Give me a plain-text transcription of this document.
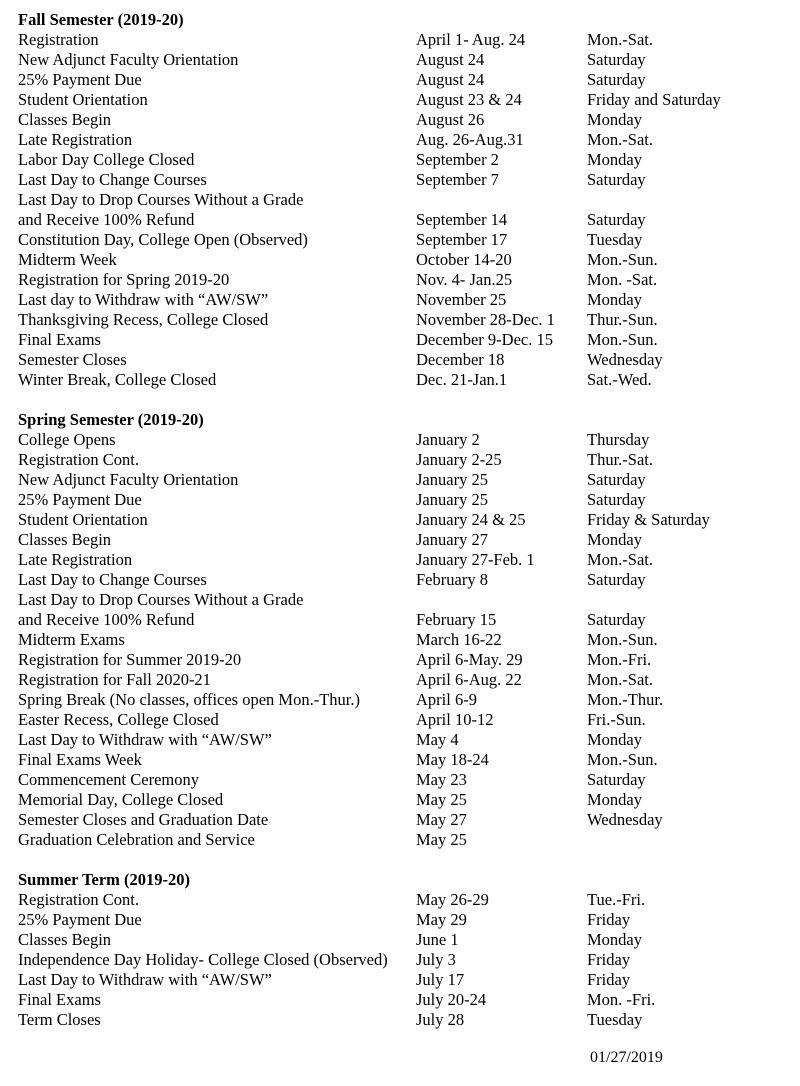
Fall Semester (2019-20)
Registration	April 1- Aug. 24	Mon.-Sat.
New Adjunct Faculty Orientation	August 24	Saturday
25% Payment Due	August 24	Saturday
Student Orientation	August 23 & 24	Friday and Saturday
Classes Begin	August 26	Monday
Late Registration	Aug. 26-Aug.31	Mon.-Sat.
Labor Day College Closed	September 2	Monday
Last Day to Change Courses	September 7	Saturday
Last Day to Drop Courses Without a Grade
and Receive 100% Refund	September 14	Saturday
Constitution Day, College Open (Observed)	September 17	Tuesday
Midterm Week	October 14-20	Mon.-Sun.
Registration for Spring 2019-20	Nov. 4- Jan.25	Mon. -Sat.
Last day to Withdraw with “AW/SW”	November 25	Monday
Thanksgiving Recess, College Closed	November 28-Dec. 1 Thur.-Sun.
Final Exams	December 9-Dec. 15 Mon.-Sun.
Semester Closes	December 18	Wednesday
Winter Break, College Closed	Dec. 21-Jan.1	Sat.-Wed.
Spring Semester (2019-20)
College Opens	January 2	Thursday
Registration Cont.	January 2-25	Thur.-Sat.
New Adjunct Faculty Orientation	January 25	Saturday
25% Payment Due	January 25	Saturday
Student Orientation	January 24 & 25	Friday & Saturday
Classes Begin	January 27	Monday
Late Registration	January 27-Feb. 1	Mon.-Sat.
Last Day to Change Courses	February 8	Saturday
Last Day to Drop Courses Without a Grade
and Receive 100% Refund	February 15	Saturday
Midterm Exams	March 16-22	Mon.-Sun.
Registration for Summer 2019-20	April 6-May. 29	Mon.-Fri.
Registration for Fall 2020-21	April 6-Aug. 22	Mon.-Sat.
Spring Break (No classes, offices open Mon.-Thur.)	April 6-9	Mon.-Thur.
Easter Recess, College Closed	April 10-12	Fri.-Sun.
Last Day to Withdraw with “AW/SW”	May 4	Monday
Final Exams Week	May 18-24	Mon.-Sun.
Commencement Ceremony	May 23	Saturday
Memorial Day, College Closed	May 25	Monday
Semester Closes and Graduation Date	May 27	Wednesday
Graduation Celebration and Service	May 25
Summer Term (2019-20)
Registration Cont.	May 26-29	Tue.-Fri.
25% Payment Due	May 29	Friday
Classes Begin	June 1	Monday
Independence Day Holiday- College Closed (Observed) July 3	Friday
Last Day to Withdraw with “AW/SW”	July 17	Friday
Final Exams	July 20-24	Mon. -Fri.
Term Closes	July 28	Tuesday
01/27/2019
